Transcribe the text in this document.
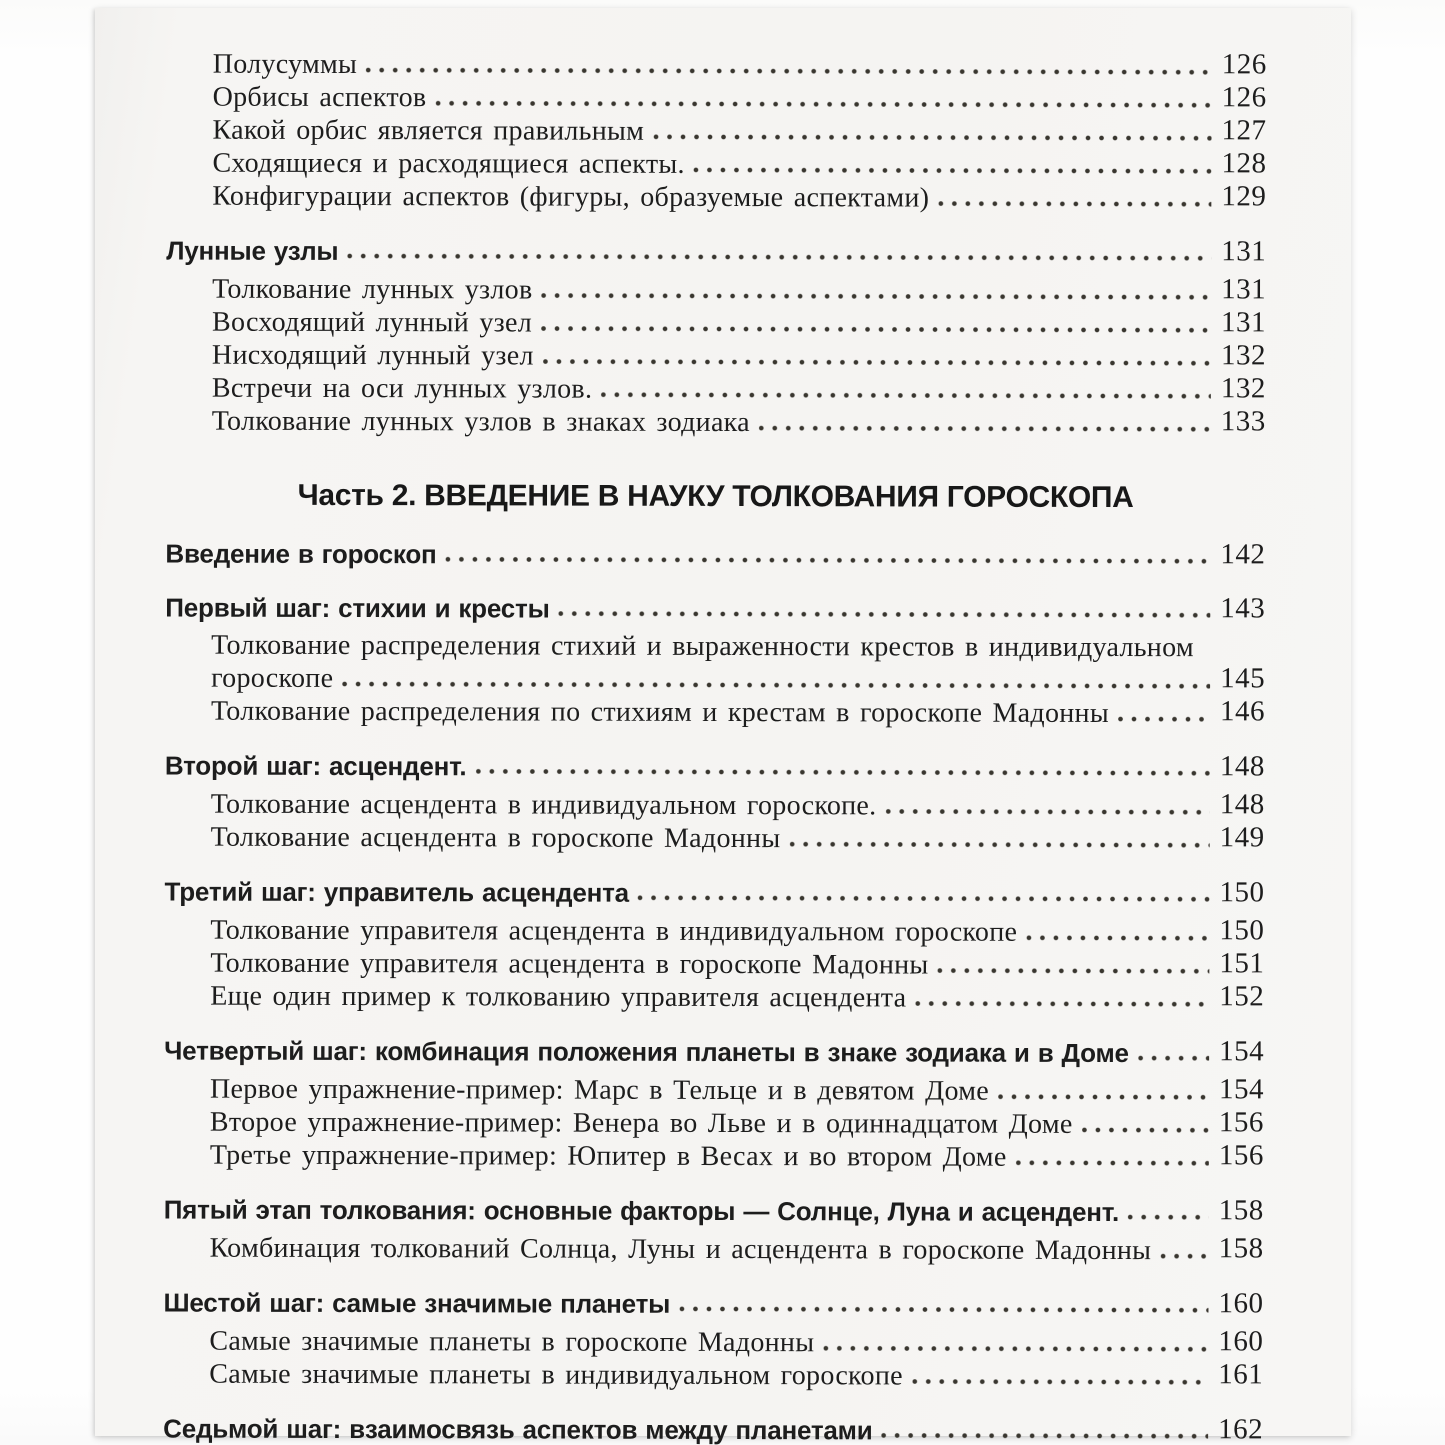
Полусуммы	126
Орбисы аспектов	126
Какой орбис является правильным	127
Сходящиеся и расходящиеся аспекты.	128
Конфигурации аспектов (фигуры, образуемые аспектами)	129
Лунные узлы	131
Толкование лунных узлов	131
Восходящий лунный узел	131
Нисходящий лунный узел	132
Встречи на оси лунных узлов.	132
Толкование лунных узлов в знаках зодиака	133
Часть 2. ВВЕДЕНИЕ В НАУКУ ТОЛКОВАНИЯ ГОРОСКОПА
Введение в гороскоп	142
Первый шаг: стихии и кресты	143
Толкование распределения стихий и выраженности крестов в индивидуальном
гороскопе	145
Толкование распределения по стихиям и крестам в гороскопе Мадонны	146
Второй шаг: асцендент.	148
Толкование асцендента в индивидуальном гороскопе.	148
Толкование асцендента в гороскопе Мадонны	149
Третий шаг: управитель асцендента	150
Толкование управителя асцендента в индивидуальном гороскопе	150
Толкование управителя асцендента в гороскопе Мадонны	151
Еще один пример к толкованию управителя асцендента	152
Четвертый шаг: комбинация положения планеты в знаке зодиака и в Доме	154
Первое упражнение-пример: Марс в Тельце и в девятом Доме	154
Второе упражнение-пример: Венера во Льве и в одиннадцатом Доме	156
Третье упражнение-пример: Юпитер в Весах и во втором Доме	156
Пятый этап толкования: основные факторы — Солнце, Луна и асцендент.	158
Комбинация толкований Солнца, Луны и асцендента в гороскопе Мадонны 158
Шестой шаг: самые значимые планеты	160
Самые значимые планеты в гороскопе Мадонны	160
Самые значимые планеты в индивидуальном гороскопе	161
Седьмой шаг: взаимосвязь аспектов между планетами	162
